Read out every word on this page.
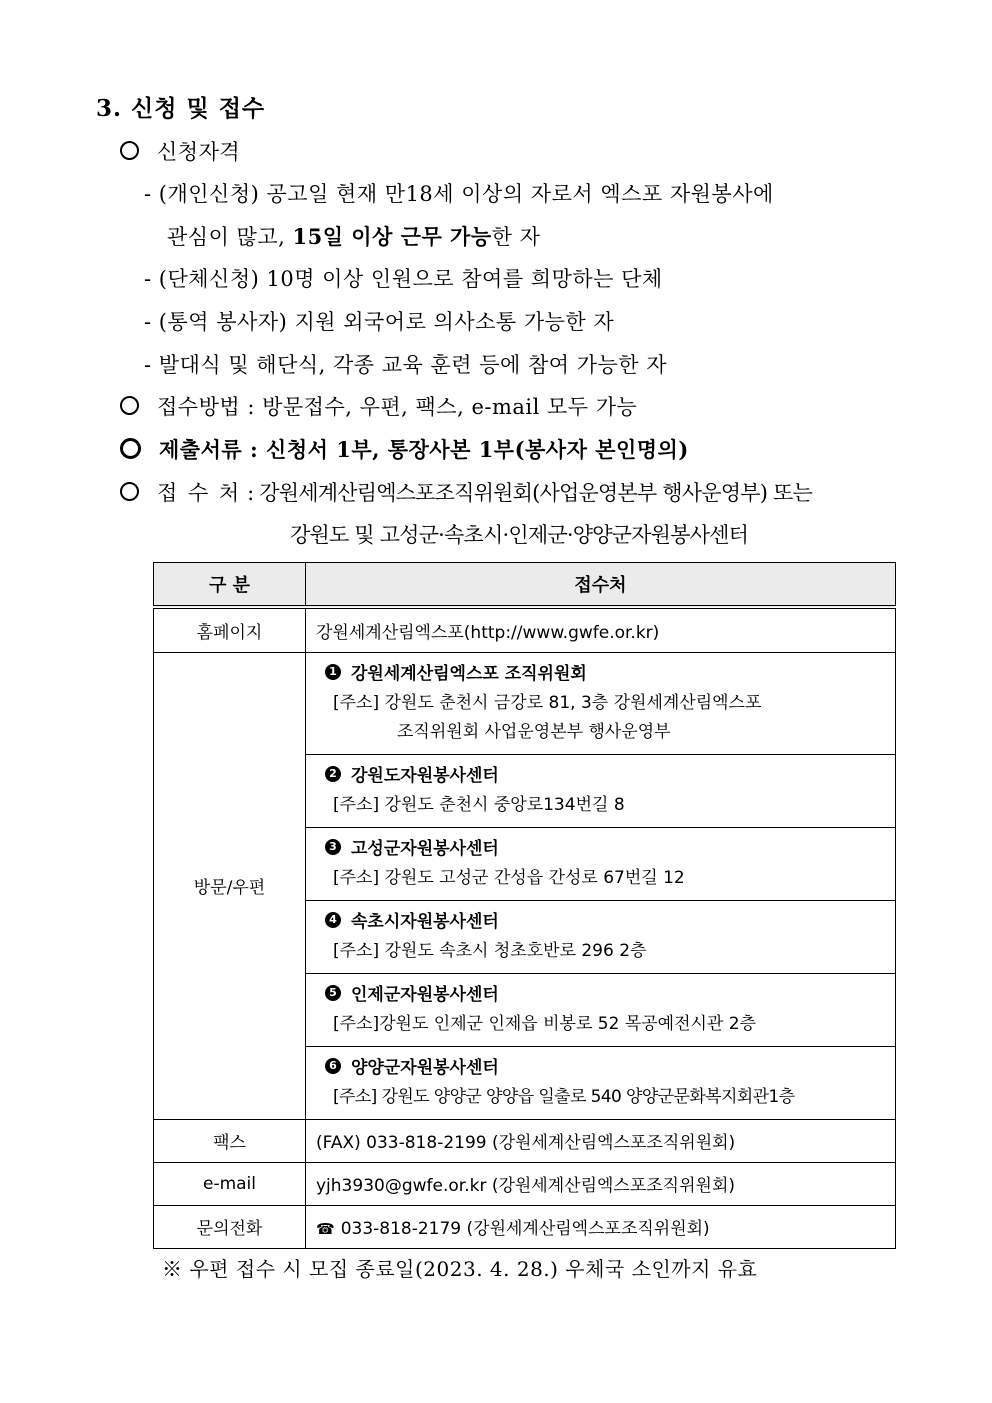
3. 신청 및 접수
신청자격
- (개인신청) 공고일 현재 만18세 이상의 자로서 엑스포 자원봉사에
관심이 많고, 15일 이상 근무 가능한 자
- (단체신청) 10명 이상 인원으로 참여를 희망하는 단체
- (통역 봉사자) 지원 외국어로 의사소통 가능한 자
- 발대식 및 해단식, 각종 교육 훈련 등에 참여 가능한 자
접수방법 : 방문접수, 우편, 팩스, e-mail 모두 가능
제출서류 : 신청서 1부, 통장사본 1부(봉사자 본인명의)
접 수 처 : 강원세계산림엑스포조직위원회(사업운영본부 행사운영부) 또는
강원도 및 고성군·속초시·인제군·양양군자원봉사센터
구 분	접수처
홈페이지	강원세계산림엑스포(http://www.gwfe.or.kr)
방문/우편	1 강원세계산림엑스포 조직위원회
[주소] 강원도 춘천시 금강로 81, 3층 강원세계산림엑스포
조직위원회 사업운영본부 행사운영부

	2 강원도자원봉사센터
[주소] 강원도 춘천시 중앙로134번길 8

	3 고성군자원봉사센터
[주소] 강원도 고성군 간성읍 간성로 67번길 12

	4 속초시자원봉사센터
[주소] 강원도 속초시 청초호반로 296 2층

	5 인제군자원봉사센터
[주소]강원도 인제군 인제읍 비봉로 52 목공예전시관 2층

	6 양양군자원봉사센터
[주소] 강원도 양양군 양양읍 일출로 540 양양군문화복지회관1층

팩스	(FAX) 033-818-2199 (강원세계산림엑스포조직위원회)
e-mail	yjh3930@gwfe.or.kr (강원세계산림엑스포조직위원회)
문의전화	☎ 033-818-2179 (강원세계산림엑스포조직위원회)
※ 우편 접수 시 모집 종료일(2023. 4. 28.) 우체국 소인까지 유효
